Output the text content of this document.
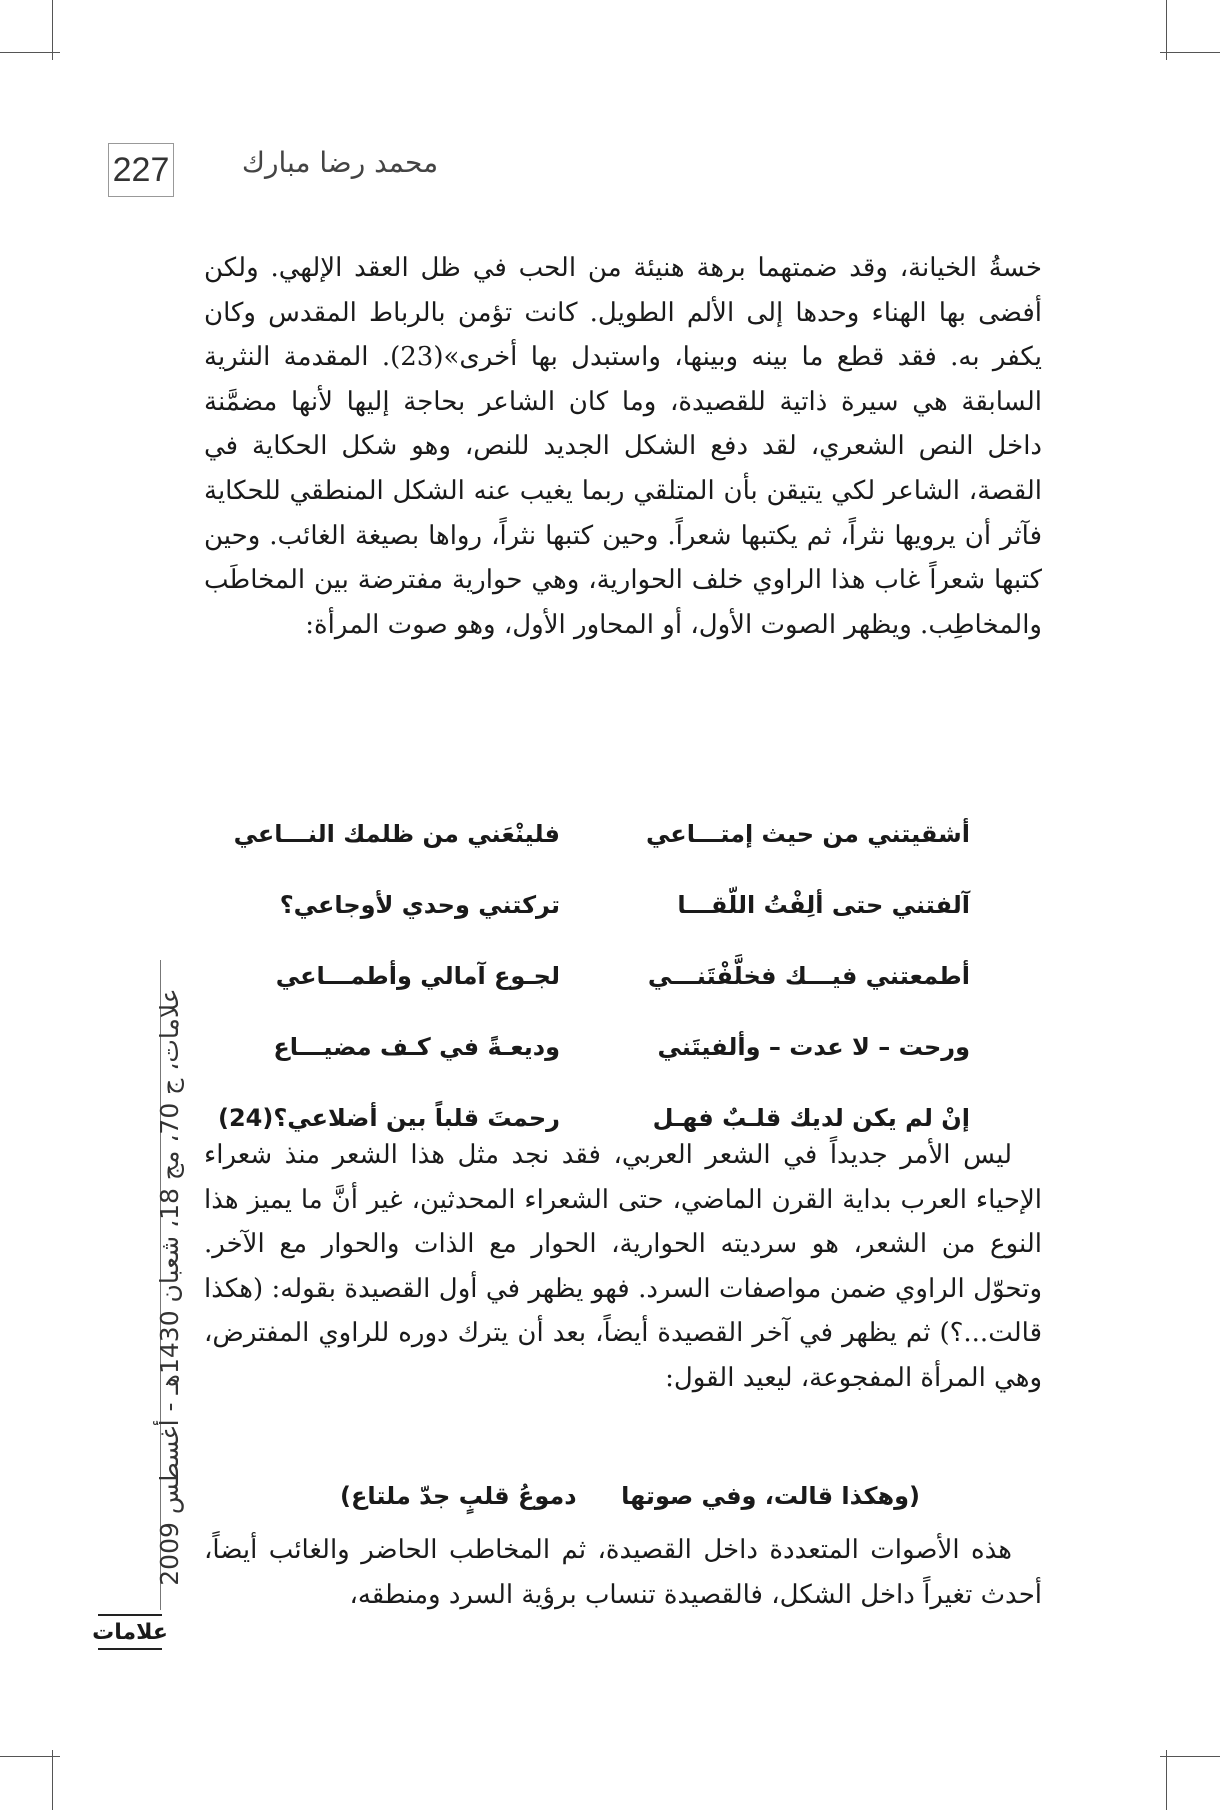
227	محمد رضا مبارك

خسةُ الخيانة، وقد ضمتهما برهة هنيئة من الحب في ظل العقد الإلهي. ولكن أفضى بها الهناء وحدها إلى الألم الطويل. كانت تؤمن بالرباط المقدس وكان يكفر به. فقد قطع ما بينه وبينها، واستبدل بها أخرى»(23). المقدمة النثرية السابقة هي سيرة ذاتية للقصيدة، وما كان الشاعر بحاجة إليها لأنها مضمَّنة داخل النص الشعري، لقد دفع الشكل الجديد للنص، وهو شكل الحكاية في القصة، الشاعر لكي يتيقن بأن المتلقي ربما يغيب عنه الشكل المنطقي للحكاية فآثر أن يرويها نثراً، ثم يكتبها شعراً. وحين كتبها نثراً، رواها بصيغة الغائب. وحين كتبها شعراً غاب هذا الراوي خلف الحوارية، وهي حوارية مفترضة بين المخاطَب والمخاطِب. ويظهر الصوت الأول، أو المحاور الأول، وهو صوت المرأة:

أشقيتني من حيث إمتـــاعي
فلينْعَني من ظلمك النـــاعي
آلفتني حتى ألِفْتُ اللّقـــا
تركتني وحدي لأوجاعي؟
أطمعتني فيـــك فخلَّفْتَنـــي
لجـوع آمالي وأطمـــاعي
ورحت – لا عدت – وألفيتَني
وديعـةً في كـف مضيـــاع
إنْ لم يكن لديك قلـبٌ فهـل
رحمتَ قلباً بين أضلاعي؟(24)

ليس الأمر جديداً في الشعر العربي، فقد نجد مثل هذا الشعر منذ شعراء الإحياء العرب بداية القرن الماضي، حتى الشعراء المحدثين، غير أنَّ ما يميز هذا النوع من الشعر، هو سرديته الحوارية، الحوار مع الذات والحوار مع الآخر. وتحوّل الراوي ضمن مواصفات السرد. فهو يظهر في أول القصيدة بقوله: (هكذا قالت...؟) ثم يظهر في آخر القصيدة أيضاً، بعد أن يترك دوره للراوي المفترض، وهي المرأة المفجوعة، ليعيد القول:

(وهكذا قالت، وفي صوتها
دموعُ قلبٍ جدّ ملتاع)

هذه الأصوات المتعددة داخل القصيدة، ثم المخاطب الحاضر والغائب أيضاً، أحدث تغيراً داخل الشكل، فالقصيدة تنساب برؤية السرد ومنطقه،

علامات، ج 70، مج 18، شعبان 1430هـ - أغسطس 2009
علامات
